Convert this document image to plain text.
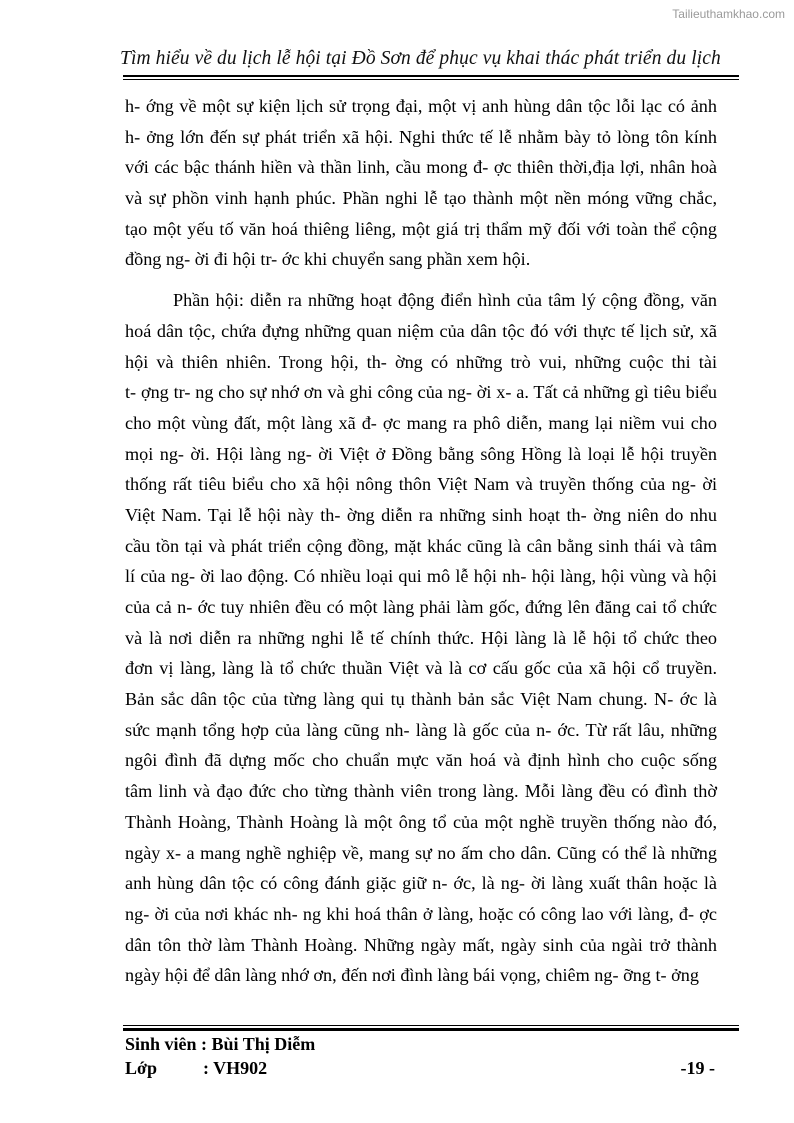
Tailieuthamkhao.com
Tìm hiểu về du lịch lễ hội tại Đồ Sơn để phục vụ khai thác phát triển du lịch
h- ớng về một sự kiện lịch sử trọng đại, một vị anh hùng dân tộc lỗi lạc có ảnh
h- ởng lớn đến sự phát triển xã hội. Nghi thức tế lễ nhằm bày tỏ lòng tôn kính
với các bậc thánh hiền và thần linh, cầu mong đ- ợc thiên thời,địa lợi, nhân hoà
và sự phồn vinh hạnh phúc. Phần nghi lễ tạo thành một nền móng vững chắc,
tạo một yếu tố văn hoá thiêng liêng, một giá trị thẩm mỹ đối với toàn thể cộng
đồng ng- ời đi hội tr- ớc khi chuyển sang phần xem hội.
Phần hội: diễn ra những hoạt động điển hình của tâm lý cộng đồng, văn
hoá dân tộc, chứa đựng những quan niệm của dân tộc đó với thực tế lịch sử, xã
hội và thiên nhiên. Trong hội, th- ờng có những trò vui, những cuộc thi tài
t- ợng tr- ng cho sự nhớ ơn và ghi công của ng- ời x- a. Tất cả những gì tiêu biểu
cho một vùng đất, một làng xã đ- ợc mang ra phô diễn, mang lại niềm vui cho
mọi ng- ời. Hội làng ng- ời Việt ở Đồng bằng sông Hồng là loại lễ hội truyền
thống rất tiêu biểu cho xã hội nông thôn Việt Nam và truyền thống của ng- ời
Việt Nam. Tại lễ hội này th- ờng diễn ra những sinh hoạt th- ờng niên do nhu
cầu tồn tại và phát triển cộng đồng, mặt khác cũng là cân bằng sinh thái và tâm
lí của ng- ời lao động. Có nhiều loại qui mô lễ hội nh- hội làng, hội vùng và hội
của cả n- ớc tuy nhiên đều có một làng phải làm gốc, đứng lên đăng cai tổ chức
và là nơi diễn ra những nghi lễ tế chính thức. Hội làng là lễ hội tổ chức theo
đơn vị làng, làng là tổ chức thuần Việt và là cơ cấu gốc của xã hội cổ truyền.
Bản sắc dân tộc của từng làng qui tụ thành bản sắc Việt Nam chung. N- ớc là
sức mạnh tổng hợp của làng cũng nh- làng là gốc của n- ớc. Từ rất lâu, những
ngôi đình đã dựng mốc cho chuẩn mực văn hoá và định hình cho cuộc sống
tâm linh và đạo đức cho từng thành viên trong làng. Mỗi làng đều có đình thờ
Thành Hoàng, Thành Hoàng là một ông tổ của một nghề truyền thống nào đó,
ngày x- a mang nghề nghiệp về, mang sự no ấm cho dân. Cũng có thể là những
anh hùng dân tộc có công đánh giặc giữ n- ớc, là ng- ời làng xuất thân hoặc là
ng- ời của nơi khác nh- ng khi hoá thân ở làng, hoặc có công lao với làng, đ- ợc
dân tôn thờ làm Thành Hoàng. Những ngày mất, ngày sinh của ngài trở thành
ngày hội để dân làng nhớ ơn, đến nơi đình làng bái vọng, chiêm ng- ỡng t- ởng
Sinh viên : Bùi Thị Diễm
Lớp	: VH902	-19 -
